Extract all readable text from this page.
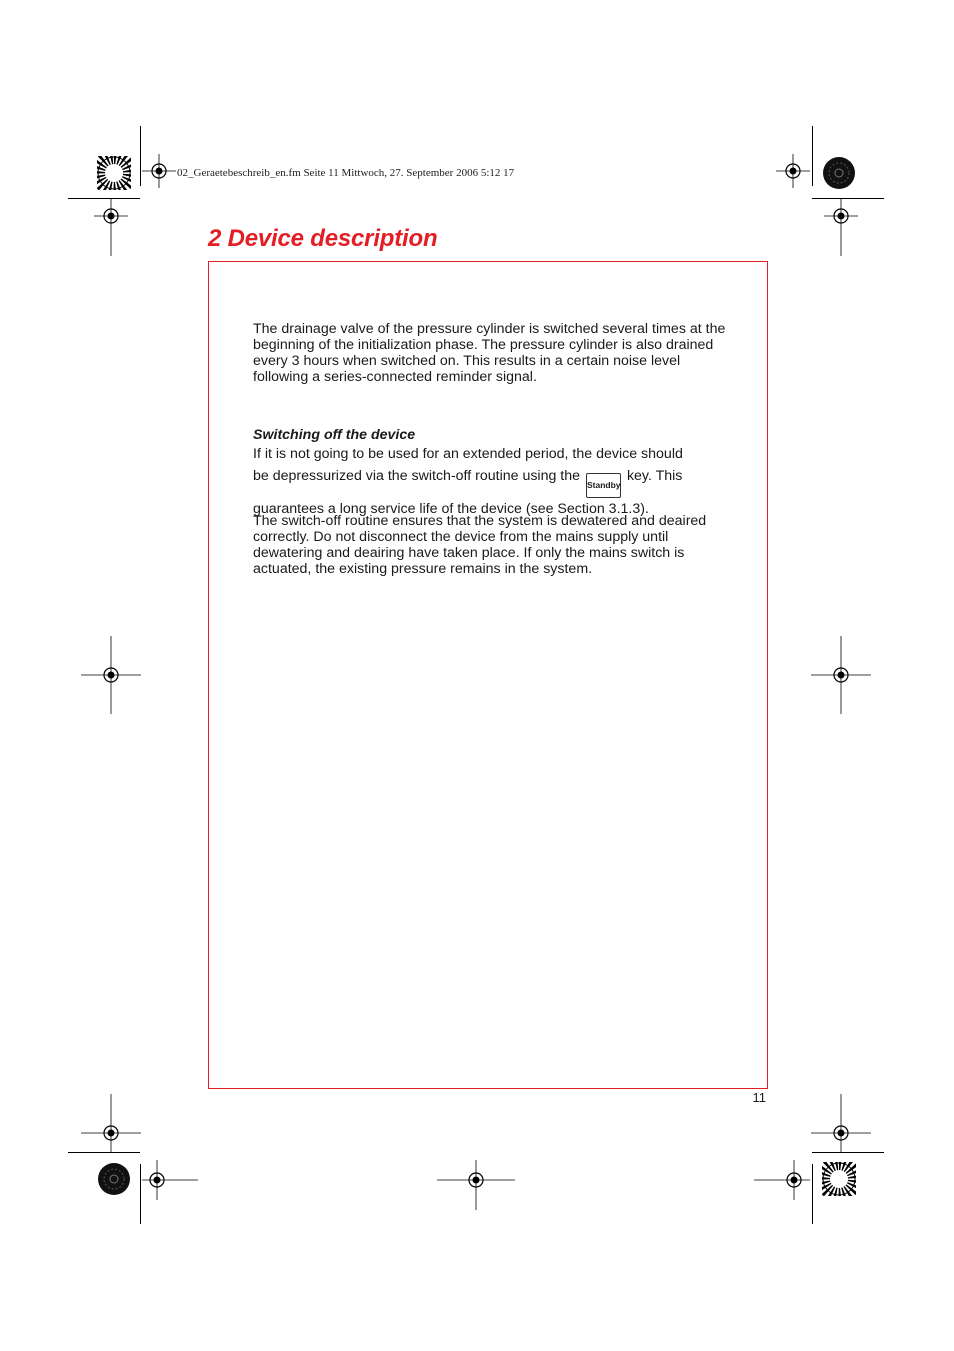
02_Geraetebeschreib_en.fm Seite 11 Mittwoch, 27. September 2006 5:12 17
2 Device description

The drainage valve of the pressure cylinder is switched several times at the beginning of the initialization phase. The pressure cylinder is also drained every 3 hours when switched on. This results in a certain noise level following a series-connected reminder signal.

Switching off the device

If it is not going to be used for an extended period, the device should be depressurized via the switch-off routine using the Standby key. This guarantees a long service life of the device (see Section 3.1.3).

The switch-off routine ensures that the system is dewatered and deaired correctly. Do not disconnect the device from the mains supply until dewatering and deairing have taken place. If only the mains switch is actuated, the existing pressure remains in the system.

11
